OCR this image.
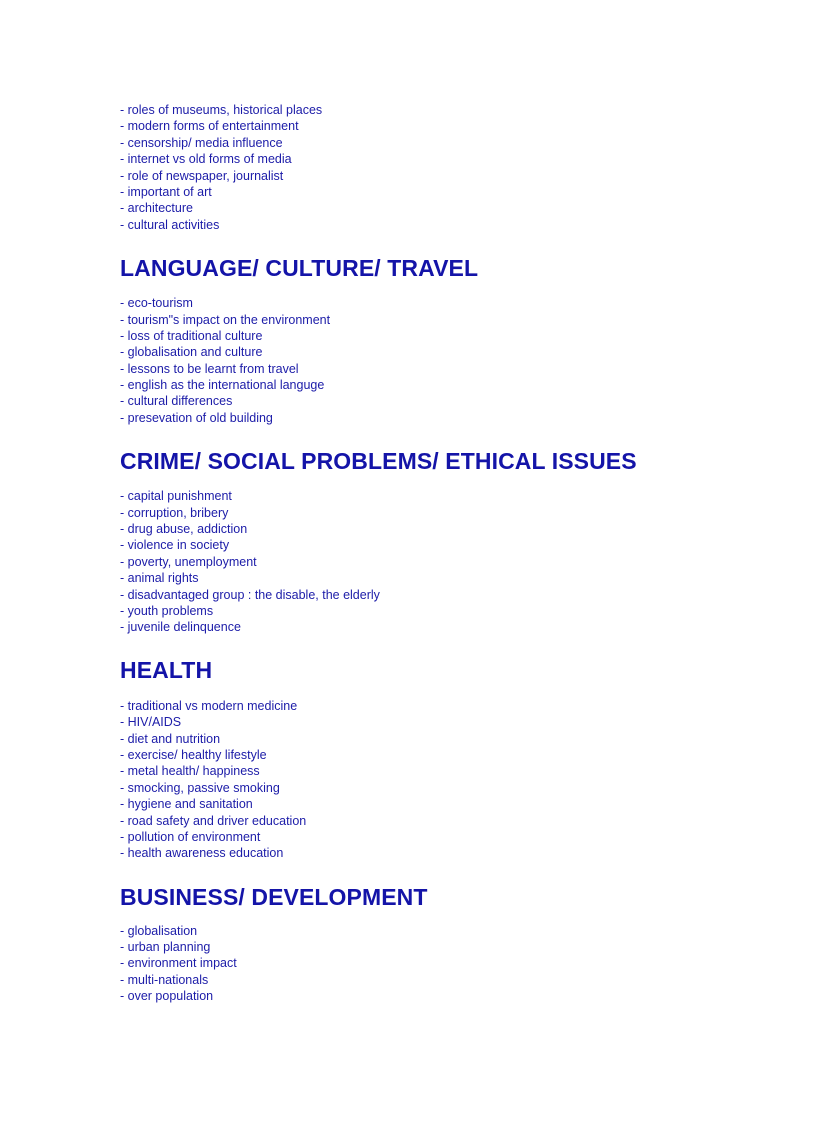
- roles of museums, historical places
- modern forms of entertainment
- censorship/ media influence
- internet vs old forms of media
- role of newspaper, journalist
- important of art
- architecture
- cultural activities
LANGUAGE/ CULTURE/ TRAVEL
- eco-tourism
- tourism"s impact on the environment
- loss of traditional culture
- globalisation and culture
- lessons to be learnt from travel
- english as the international languge
- cultural differences
- presevation of old building
CRIME/ SOCIAL PROBLEMS/ ETHICAL ISSUES
- capital punishment
- corruption, bribery
- drug abuse, addiction
- violence in society
- poverty, unemployment
- animal rights
- disadvantaged group : the disable, the elderly
- youth problems
- juvenile delinquence
HEALTH
- traditional vs modern medicine
- HIV/AIDS
- diet and nutrition
- exercise/ healthy lifestyle
- metal health/ happiness
- smocking, passive smoking
- hygiene and sanitation
- road safety and driver education
- pollution of environment
- health awareness education
BUSINESS/ DEVELOPMENT
- globalisation
- urban planning
- environment impact
- multi-nationals
- over population
